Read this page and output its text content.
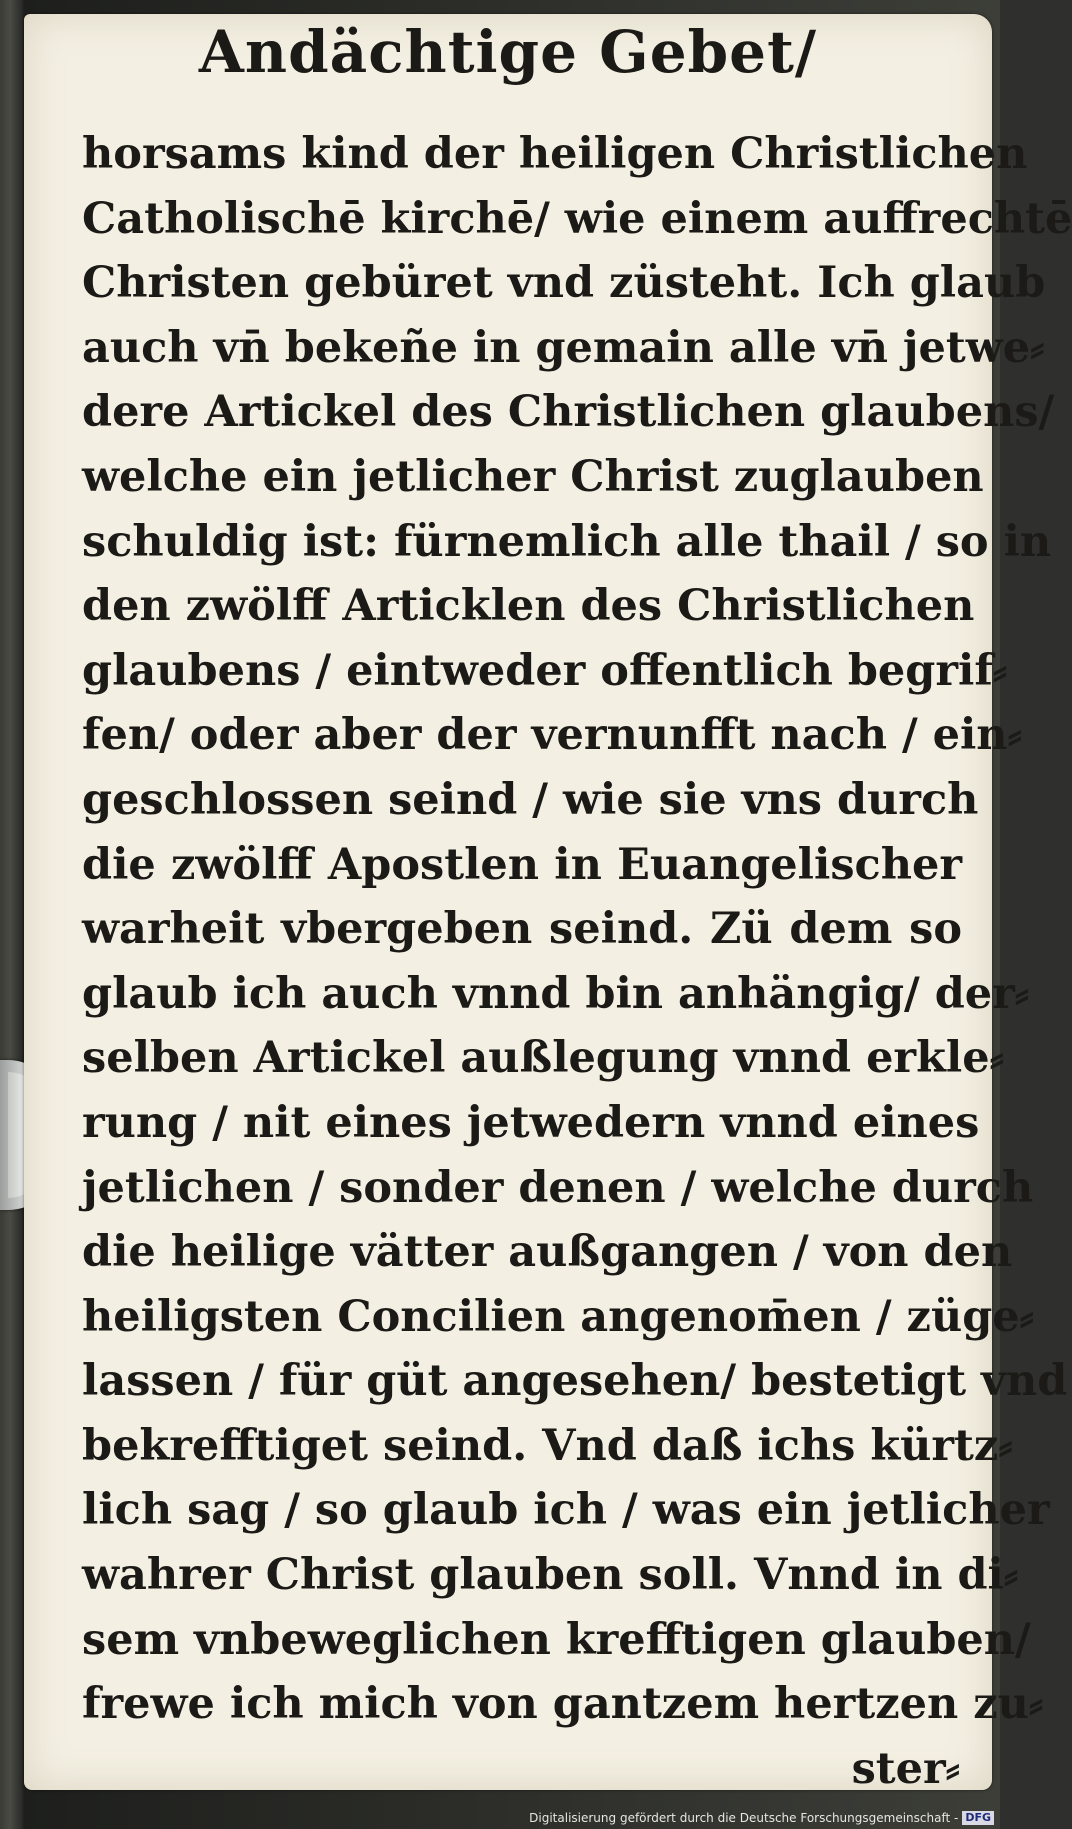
Andächtige Gebet/
horsams kind der heiligen Christlichen
Catholischē kirchē/ wie einem auffrechtē
Christen gebüret vnd züsteht. Ich glaub
auch vn̄ bekeñe in gemain alle vn̄ jetwe⸗
dere Artickel des Christlichen glaubens/
welche ein jetlicher Christ zuglauben
schuldig ist: fürnemlich alle thail / so in
den zwölff Articklen des Christlichen
glaubens / eintweder offentlich begrif⸗
fen/ oder aber der vernunfft nach / ein⸗
geschlossen seind / wie sie vns durch
die zwölff Apostlen in Euangelischer
warheit vbergeben seind. Zü dem so
glaub ich auch vnnd bin anhängig/ der⸗
selben Artickel außlegung vnnd erkle⸗
rung / nit eines jetwedern vnnd eines
jetlichen / sonder denen / welche durch
die heilige vätter außgangen / von den
heiligsten Concilien angenom̄en / züge⸗
lassen / für güt angesehen/ bestetigt vnd
bekrefftiget seind. Vnd daß ichs kürtz⸗
lich sag / so glaub ich / was ein jetlicher
wahrer Christ glauben soll. Vnnd in di⸗
sem vnbeweglichen krefftigen glauben/
frewe ich mich von gantzem hertzen zu⸗
ster⸗
Digitalisierung gefördert durch die Deutsche Forschungsgemeinschaft - DFG
